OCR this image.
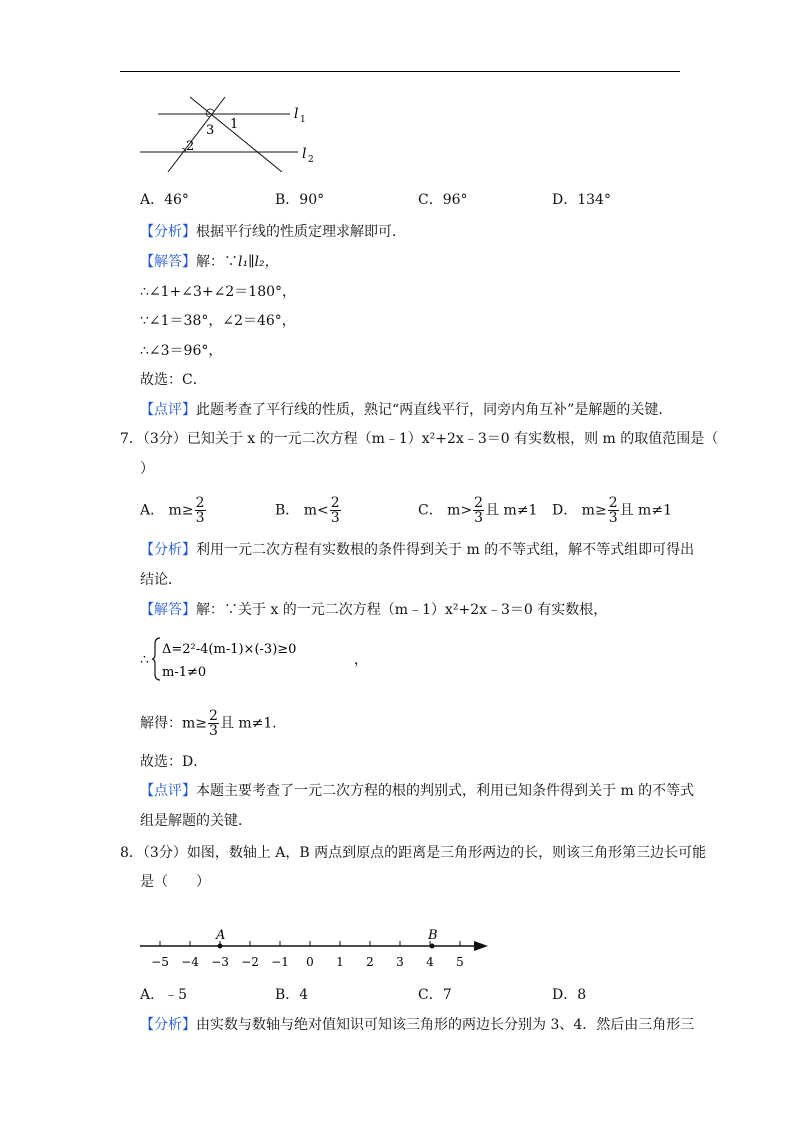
1
3
2
l 1
l 2
A．46°	B．90°	C．96°	D．134°
【分析】根据平行线的性质定理求解即可．
【解答】解：∵l₁∥l₂，
∴∠1+∠3+∠2＝180°，
∵∠1＝38°，∠2＝46°，
∴∠3＝96°，
故选：C．
【点评】此题考查了平行线的性质，熟记“两直线平行，同旁内角互补”是解题的关键．
7．（3分）已知关于 x 的一元二次方程（m﹣1）x²+2x﹣3＝0 有实数根，则 m 的取值范围是（
）
A． $m\ge \frac{2}{3}$	B． $m< \frac{2}{3}$	C． $m> \frac{2}{3}$ 且 m≠1 D． $m\ge \frac{2}{3}$ 且 m≠1
【分析】利用一元二次方程有实数根的条件得到关于 m 的不等式组，解不等式组即可得出
结论．
【解答】解：∵关于 x 的一元二次方程（m﹣1）x²+2x﹣3＝0 有实数根，
∴
Δ=2²-4(m-1)×(-3)≥0
m-1≠0
，
解得：$m\ge \frac{2}{3}$ 且 m≠1．
故选：D．
【点评】本题主要考查了一元二次方程的根的判别式，利用已知条件得到关于 m 的不等式
组是解题的关键．
8．（3分）如图，数轴上 A，B 两点到原点的距离是三角形两边的长，则该三角形第三边长可能
是（　　）
−5 −4 −3 −2 −1 0 1 2 3 4 5
A	B
A．﹣5	B．4	C．7	D．8
【分析】由实数与数轴与绝对值知识可知该三角形的两边长分别为 3、4．然后由三角形三
